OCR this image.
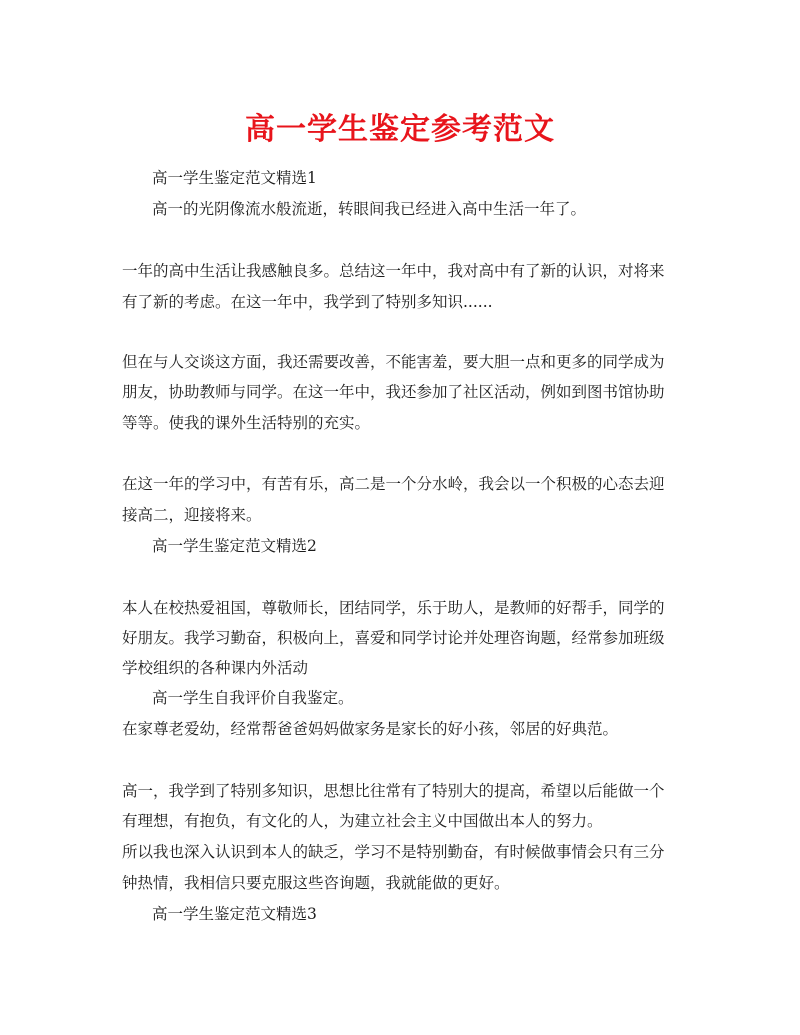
高一学生鉴定参考范文
高一学生鉴定范文精选1
高一的光阴像流水般流逝，转眼间我已经进入高中生活一年了。
一年的高中生活让我感触良多。总结这一年中，我对高中有了新的认识，对将来
有了新的考虑。在这一年中，我学到了特别多知识......
但在与人交谈这方面，我还需要改善，不能害羞，要大胆一点和更多的同学成为
朋友，协助教师与同学。在这一年中，我还参加了社区活动，例如到图书馆协助
等等。使我的课外生活特别的充实。
在这一年的学习中，有苦有乐，高二是一个分水岭，我会以一个积极的心态去迎
接高二，迎接将来。
高一学生鉴定范文精选2
本人在校热爱祖国，尊敬师长，团结同学，乐于助人，是教师的好帮手，同学的
好朋友。我学习勤奋，积极向上，喜爱和同学讨论并处理咨询题，经常参加班级
学校组织的各种课内外活动
高一学生自我评价自我鉴定。
在家尊老爱幼，经常帮爸爸妈妈做家务是家长的好小孩，邻居的好典范。
高一，我学到了特别多知识，思想比往常有了特别大的提高，希望以后能做一个
有理想，有抱负，有文化的人，为建立社会主义中国做出本人的努力。
所以我也深入认识到本人的缺乏，学习不是特别勤奋，有时候做事情会只有三分
钟热情，我相信只要克服这些咨询题，我就能做的更好。
高一学生鉴定范文精选3
